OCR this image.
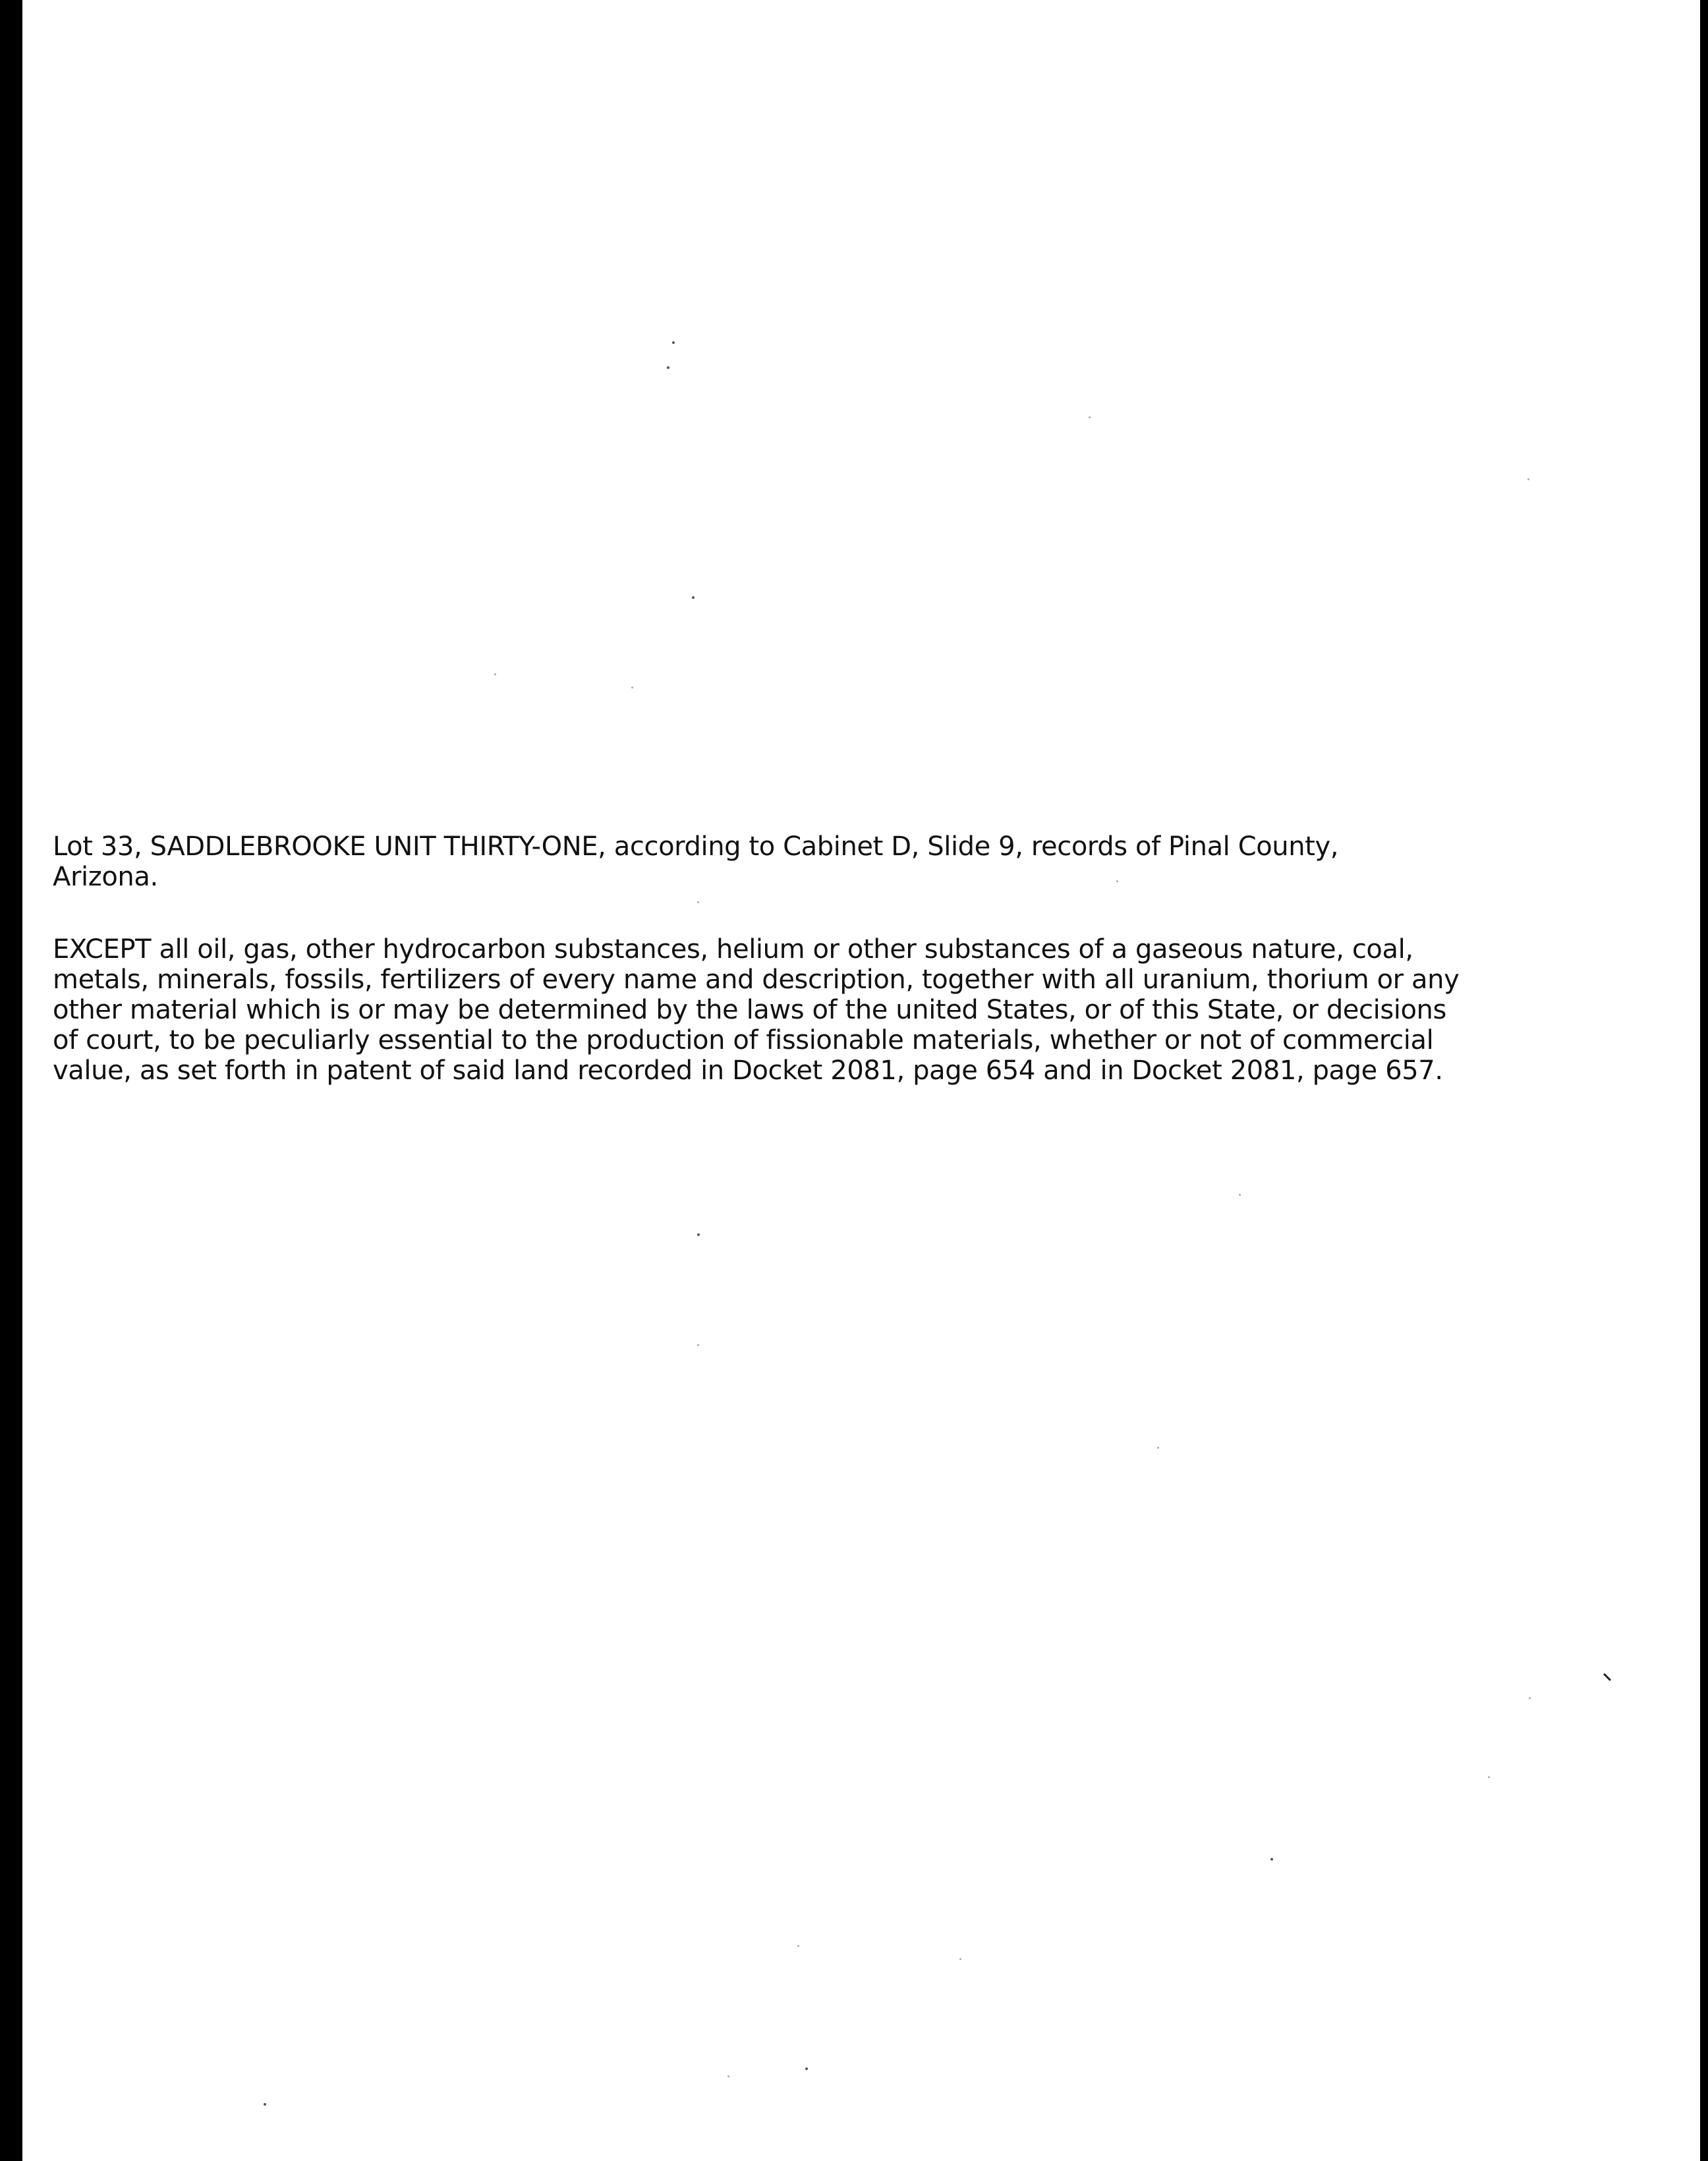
Lot 33, SADDLEBROOKE UNIT THIRTY-ONE, according to Cabinet D, Slide 9, records of Pinal County,

Arizona.

EXCEPT all oil, gas, other hydrocarbon substances, helium or other substances of a gaseous nature, coal,

metals, minerals, fossils, fertilizers of every name and description, together with all uranium, thorium or any

other material which is or may be determined by the laws of the united States, or of this State, or decisions

of court, to be peculiarly essential to the production of fissionable materials, whether or not of commercial

value, as set forth in patent of said land recorded in Docket 2081, page 654 and in Docket 2081, page 657.
